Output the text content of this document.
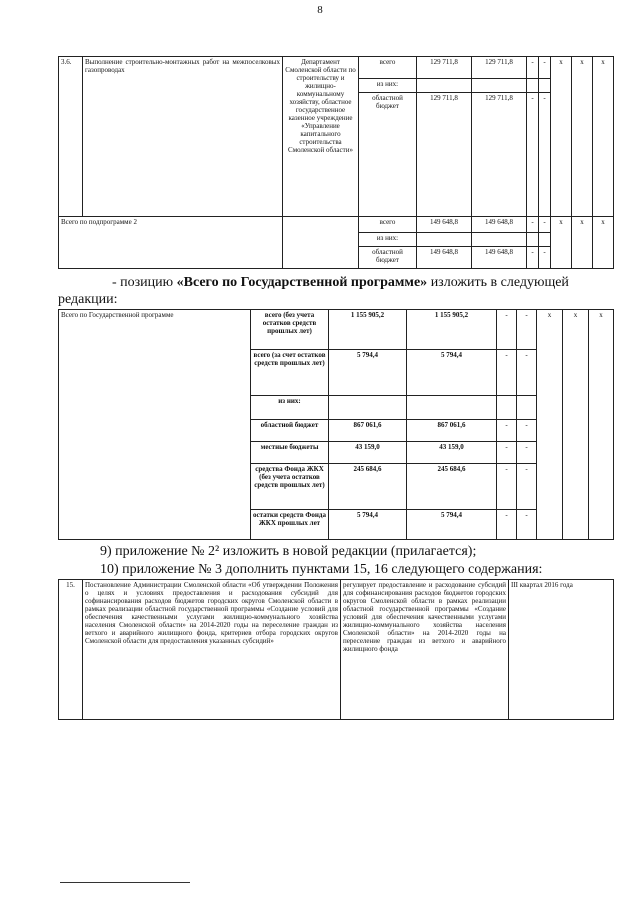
8
3.6.	Выполнение строительно-монтажных работ на межпоселковых газопроводах	Департамент Смоленской области по строительству и жилищно-коммунальному хозяйству, областное государственное казенное учреждение «Управление капитального строительства Смоленской области»	всего	129 711,8	129 711,8	-	-	x	x	x
			из них:							
			областной бюджет	129 711,8	129 711,8	-	-			
Всего по подпрограмме 2			всего	149 648,8	149 648,8	-	-	x	x	x
			из них:							
			областной бюджет	149 648,8	149 648,8	-	-			
- позицию «Всего по Государственной программе» изложить в следующей
редакции:
Всего по Государственной программе	всего (без учета остатков средств прошлых лет)	1 155 905,2	1 155 905,2	-	-	x	x	x
	всего (за счет остатков средств прошлых лет)	5 794,4	5 794,4	-	-			
	из них:							
	областной бюджет	867 061,6	867 061,6	-	-			
	местные бюджеты	43 159,0	43 159,0	-	-			
	средства Фонда ЖКХ (без учета остатков средств прошлых лет)	245 684,6	245 684,6	-	-			
	остатки средств Фонда ЖКХ прошлых лет	5 794,4	5 794,4	-	-			
9) приложение № 2² изложить в новой редакции (прилагается);
10) приложение № 3 дополнить пунктами 15, 16 следующего содержания:
15.	Постановление Администрации Смоленской области «Об утверждении Положения о целях и условиях предоставления и расходования субсидий для софинансирования расходов бюджетов городских округов Смоленской области в рамках реализации областной государственной программы «Создание условий для обеспечения качественными услугами жилищно-коммунального хозяйства населения Смоленской области» на 2014-2020 годы на переселение граждан из ветхого и аварийного жилищного фонда, критериев отбора городских округов Смоленской области для предоставления указанных субсидий»	регулирует предоставление и расходование субсидий для софинансирования расходов бюджетов городских округов Смоленской области в рамках реализации областной государственной программы «Создание условий для обеспечения качественными услугами жилищно-коммунального хозяйства населения Смоленской области» на 2014-2020 годы на переселение граждан из ветхого и аварийного жилищного фонда	III квартал 2016 года
